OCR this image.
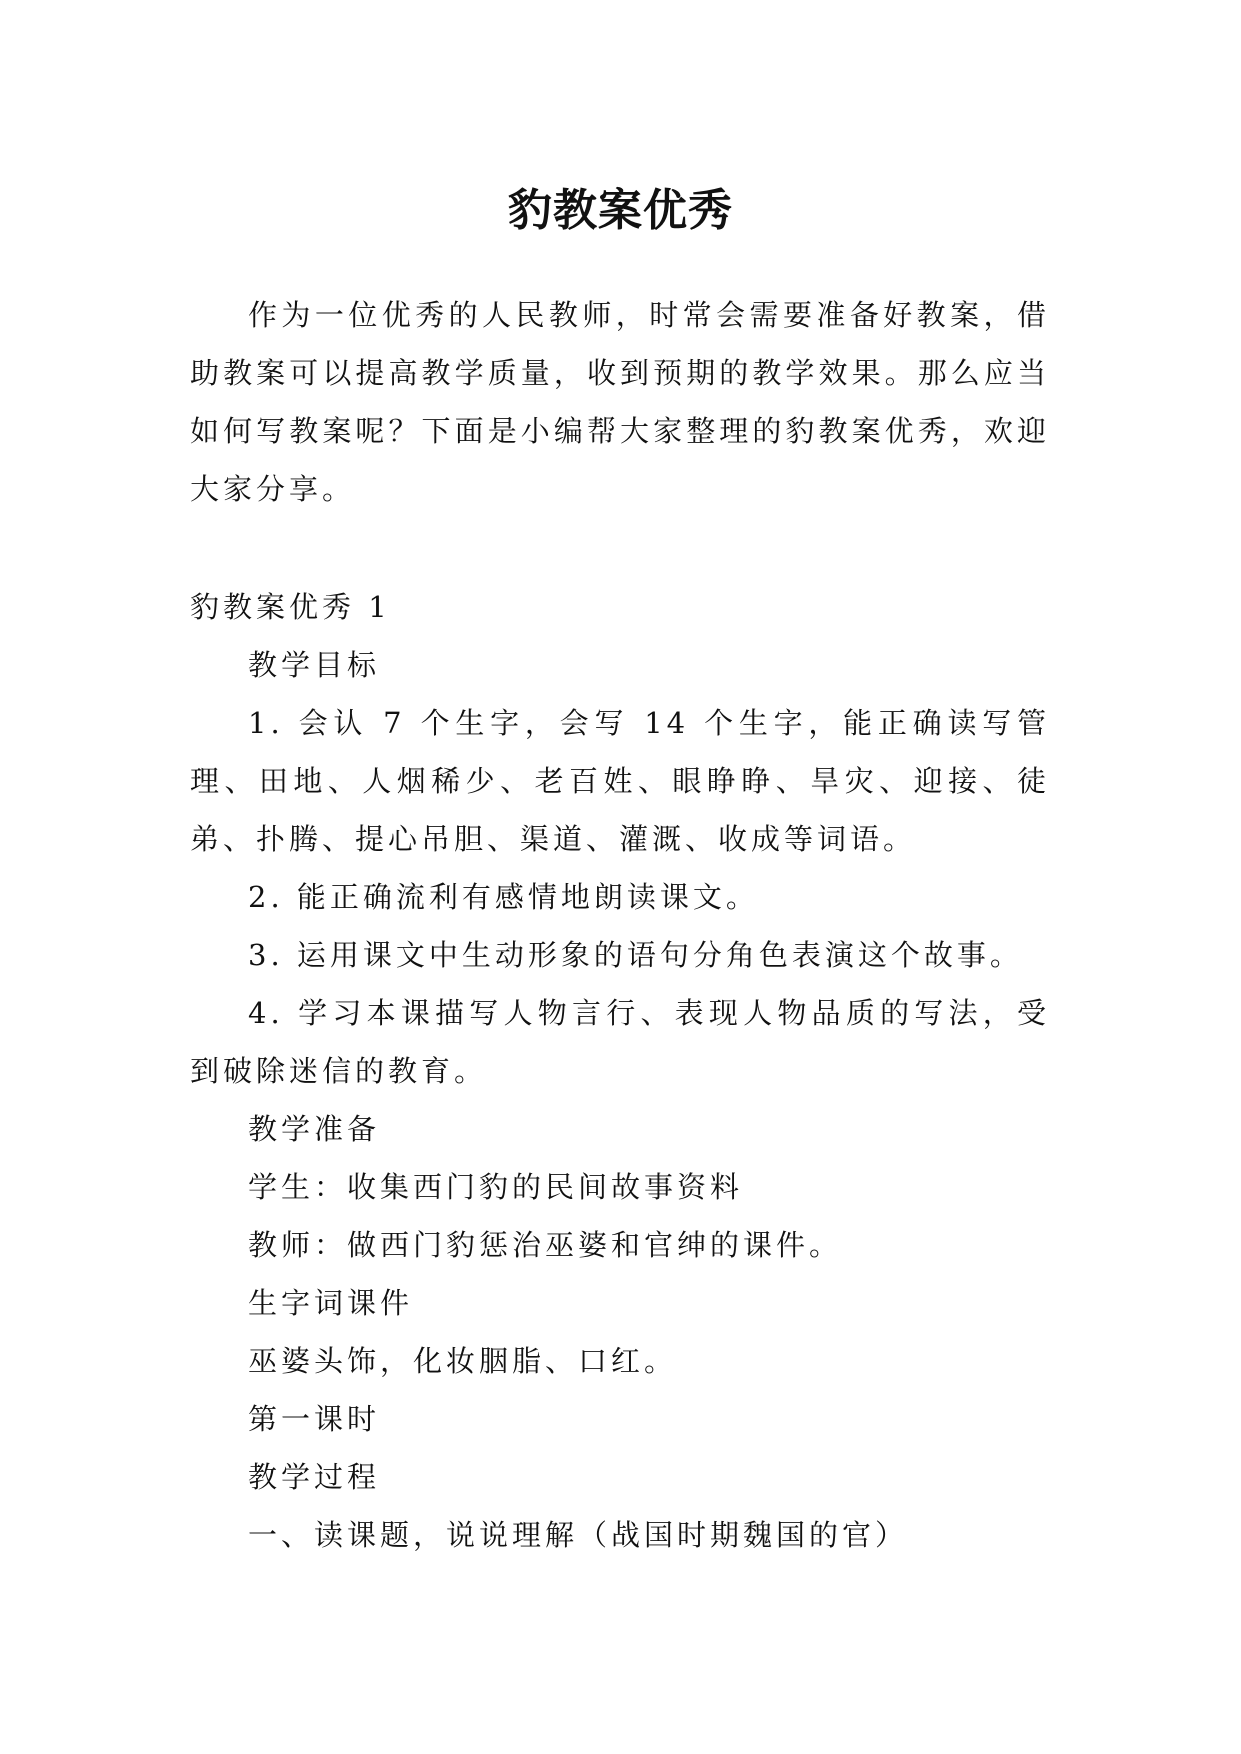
豹教案优秀

作为一位优秀的人民教师，时常会需要准备好教案，借助教案可以提高教学质量，收到预期的教学效果。那么应当如何写教案呢？下面是小编帮大家整理的豹教案优秀，欢迎大家分享。

豹教案优秀 1

教学目标

1. 会认 7 个生字，会写 14 个生字，能正确读写管理、田地、人烟稀少、老百姓、眼睁睁、旱灾、迎接、徒弟、扑腾、提心吊胆、渠道、灌溉、收成等词语。

2. 能正确流利有感情地朗读课文。

3. 运用课文中生动形象的语句分角色表演这个故事。

4. 学习本课描写人物言行、表现人物品质的写法，受到破除迷信的教育。

教学准备

学生：收集西门豹的民间故事资料

教师：做西门豹惩治巫婆和官绅的课件。

生字词课件

巫婆头饰，化妆胭脂、口红。

第一课时

教学过程

一、读课题，说说理解（战国时期魏国的官）
